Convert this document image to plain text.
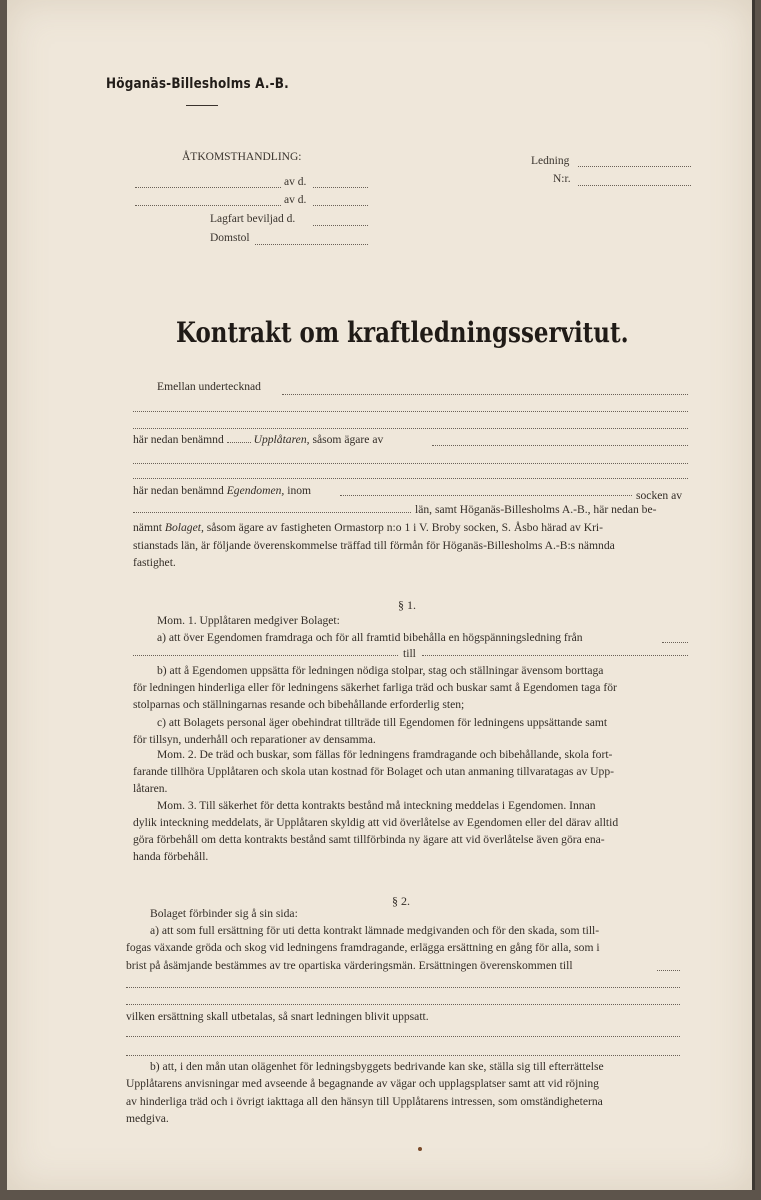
Höganäs-Billesholms A.-B.
ÅTKOMSTHANDLING:
av d.
av d.
Lagfart beviljad d.
Domstol
Ledning
N:r.
Kontrakt om kraftledningsservitut.
Emellan undertecknad
här nedan benämnd	Upplåtaren, såsom ägare av
här nedan benämnd Egendomen, inom	socken av
län, samt Höganäs-Billesholms A.-B., här nedan be-
nämnt Bolaget, såsom ägare av fastigheten Ormastorp n:o 1 i V. Broby socken, S. Åsbo härad av Kri-
stianstads län, är följande överenskommelse träffad till förmån för Höganäs-Billesholms A.-B:s nämnda
fastighet.
§ 1.
Mom. 1. Upplåtaren medgiver Bolaget:
a) att över Egendomen framdraga och för all framtid bibehålla en högspänningsledning från
till
b) att å Egendomen uppsätta för ledningen nödiga stolpar, stag och ställningar ävensom borttaga
för ledningen hinderliga eller för ledningens säkerhet farliga träd och buskar samt å Egendomen taga för
stolparnas och ställningarnas resande och bibehållande erforderlig sten;
c) att Bolagets personal äger obehindrat tillträde till Egendomen för ledningens uppsättande samt
för tillsyn, underhåll och reparationer av densamma.
Mom. 2. De träd och buskar, som fällas för ledningens framdragande och bibehållande, skola fort-
farande tillhöra Upplåtaren och skola utan kostnad för Bolaget och utan anmaning tillvaratagas av Upp-
låtaren.
Mom. 3. Till säkerhet för detta kontrakts bestånd må inteckning meddelas i Egendomen. Innan
dylik inteckning meddelats, är Upplåtaren skyldig att vid överlåtelse av Egendomen eller del därav alltid
göra förbehåll om detta kontrakts bestånd samt tillförbinda ny ägare att vid överlåtelse även göra ena-
handa förbehåll.
§ 2.
Bolaget förbinder sig å sin sida:
a) att som full ersättning för uti detta kontrakt lämnade medgivanden och för den skada, som till-
fogas växande gröda och skog vid ledningens framdragande, erlägga ersättning en gång för alla, som i
brist på åsämjande bestämmes av tre opartiska värderingsmän. Ersättningen överenskommen till
vilken ersättning skall utbetalas, så snart ledningen blivit uppsatt.
b) att, i den mån utan olägenhet för ledningsbyggets bedrivande kan ske, ställa sig till efterrättelse
Upplåtarens anvisningar med avseende å begagnande av vägar och upplagsplatser samt att vid röjning
av hinderliga träd och i övrigt iakttaga all den hänsyn till Upplåtarens intressen, som omständigheterna
medgiva.
